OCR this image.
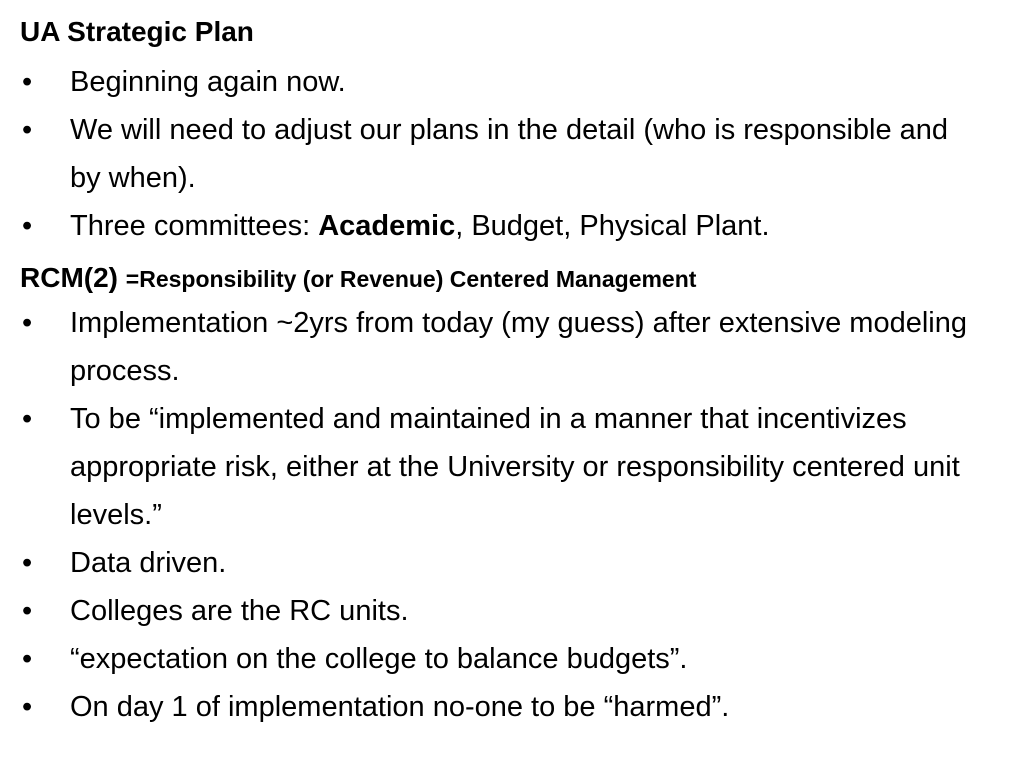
UA Strategic Plan
• Beginning again now.
• We will need to adjust our plans in the detail (who is responsible and by when).
• Three committees: Academic, Budget, Physical Plant.
RCM(2) =Responsibility (or Revenue) Centered Management
• Implementation ~2yrs from today (my guess) after extensive modeling process.
• To be “implemented and maintained in a manner that incentivizes appropriate risk, either at the University or responsibility centered unit levels.”
• Data driven.
• Colleges are the RC units.
• “expectation on the college to balance budgets”.
• On day 1 of implementation no-one to be “harmed”.
